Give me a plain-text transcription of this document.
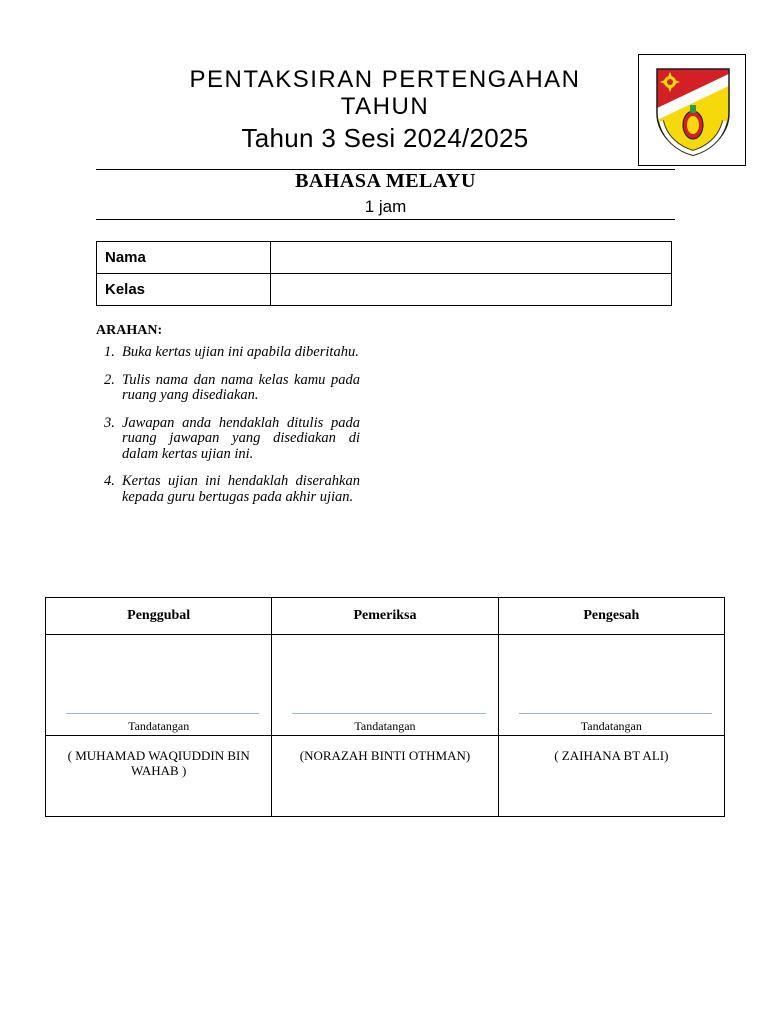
PENTAKSIRAN PERTENGAHAN
TAHUN
Tahun 3 Sesi 2024/2025
BAHASA MELAYU
1 jam
Nama	
Kelas	
ARAHAN:
1. Buka kertas ujian ini apabila diberitahu.
2. Tulis nama dan nama kelas kamu pada ruang yang disediakan.
3. Jawapan anda hendaklah ditulis pada ruang jawapan yang disediakan di dalam kertas ujian ini.
4. Kertas ujian ini hendaklah diserahkan kepada guru bertugas pada akhir ujian.
Penggubal	Pemeriksa	Pengesah

Tandatangan	Tandatangan	Tandatangan

( MUHAMAD WAQIUDDIN BIN WAHAB )	(NORAZAH BINTI OTHMAN)	( ZAIHANA BT ALI)
